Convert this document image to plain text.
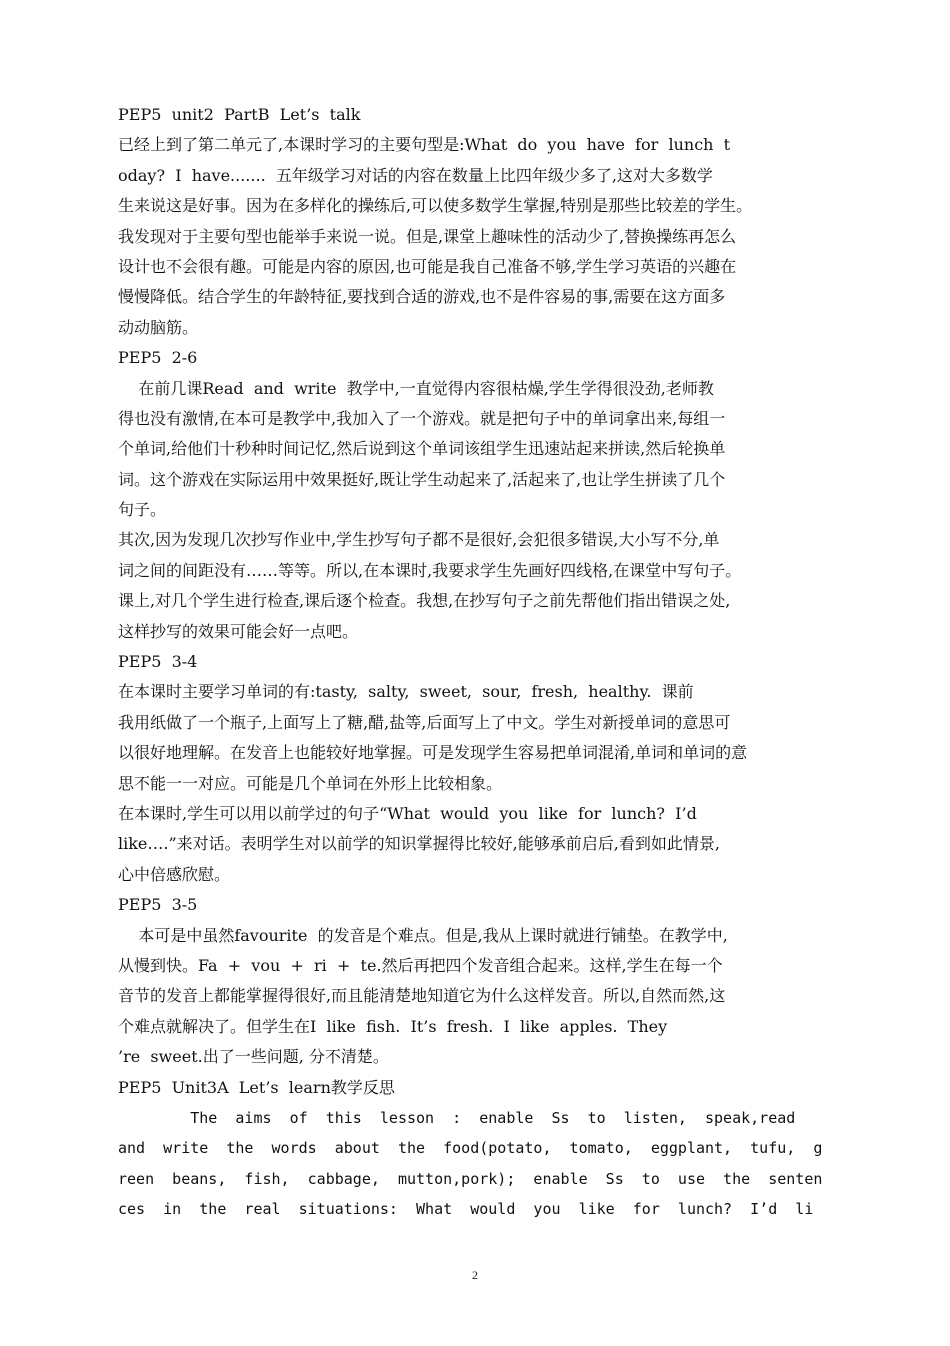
PEP5  unit2  PartB  Let’s  talk
已经上到了第二单元了,本课时学习的主要句型是:What  do  you  have  for  lunch  t
oday?  I  have.......  五年级学习对话的内容在数量上比四年级少多了,这对大多数学
生来说这是好事。因为在多样化的操练后,可以使多数学生掌握,特别是那些比较差的学生。
我发现对于主要句型也能举手来说一说。但是,课堂上趣味性的活动少了,替换操练再怎么
设计也不会很有趣。可能是内容的原因,也可能是我自己准备不够,学生学习英语的兴趣在
慢慢降低。结合学生的年龄特征,要找到合适的游戏,也不是件容易的事,需要在这方面多
动动脑筋。
PEP5  2-6
在前几课Read  and  write  教学中,一直觉得内容很枯燥,学生学得很没劲,老师教
得也没有激情,在本可是教学中,我加入了一个游戏。就是把句子中的单词拿出来,每组一
个单词,给他们十秒种时间记忆,然后说到这个单词该组学生迅速站起来拼读,然后轮换单
词。这个游戏在实际运用中效果挺好,既让学生动起来了,活起来了,也让学生拼读了几个
句子。
其次,因为发现几次抄写作业中,学生抄写句子都不是很好,会犯很多错误,大小写不分,单
词之间的间距没有……等等。所以,在本课时,我要求学生先画好四线格,在课堂中写句子。
课上,对几个学生进行检查,课后逐个检查。我想,在抄写句子之前先帮他们指出错误之处,
这样抄写的效果可能会好一点吧。
PEP5  3-4
在本课时主要学习单词的有:tasty,  salty,  sweet,  sour,  fresh,  healthy.  课前
我用纸做了一个瓶子,上面写上了糖,醋,盐等,后面写上了中文。学生对新授单词的意思可
以很好地理解。在发音上也能较好地掌握。可是发现学生容易把单词混淆,单词和单词的意
思不能一一对应。可能是几个单词在外形上比较相象。
在本课时,学生可以用以前学过的句子“What  would  you  like  for  lunch?  I’d
like….”来对话。表明学生对以前学的知识掌握得比较好,能够承前启后,看到如此情景,
心中倍感欣慰。
PEP5  3-5
本可是中虽然favourite  的发音是个难点。但是,我从上课时就进行铺垫。在教学中,
从慢到快。Fa  +  vou  +  ri  +  te.然后再把四个发音组合起来。这样,学生在每一个
音节的发音上都能掌握得很好,而且能清楚地知道它为什么这样发音。所以,自然而然,这
个难点就解决了。但学生在I  like  fish.  It’s  fresh.  I  like  apples.  They
’re  sweet.出了一些问题, 分不清楚。
PEP5  Unit3A  Let’s  learn教学反思
The  aims  of  this  lesson  :  enable  Ss  to  listen,  speak,read
and  write  the  words  about  the  food(potato,  tomato,  eggplant,  tufu,  g
reen  beans,  fish,  cabbage,  mutton,pork);  enable  Ss  to  use  the  senten
ces  in  the  real  situations:  What  would  you  like  for  lunch?  I’d  li
2
